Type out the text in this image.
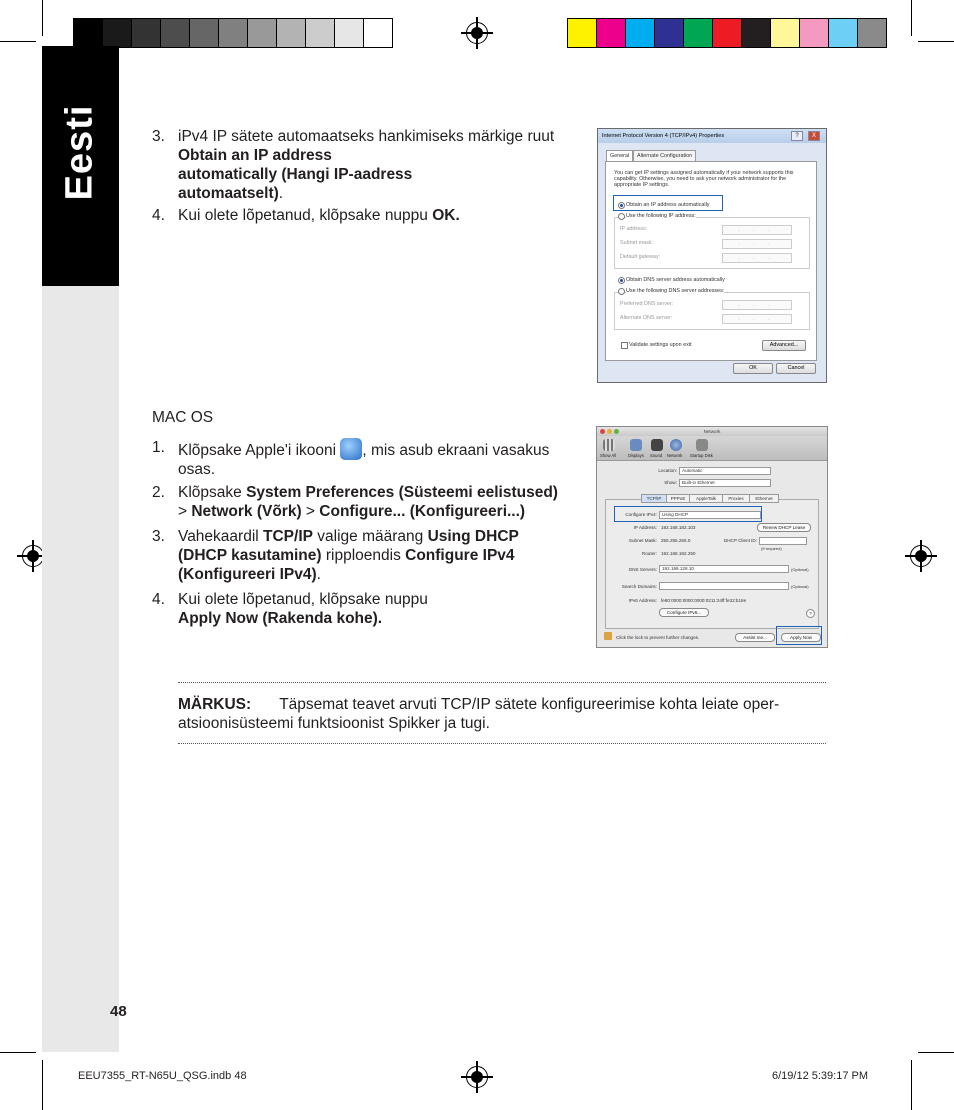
Eesti
48
3. iPv4 IP sätete automaatseks hankimiseks märkige ruut Obtain an IP address
automatically (Hangi IP-aadress
automaatselt).
4. Kui olete lõpetanud, klõpsake nuppu OK.
Internet Protocol Version 4 (TCP/IPv4) Properties	?	X
General	Alternate Configuration
You can get IP settings assigned automatically if your network supports this capability. Otherwise, you need to ask your network administrator for the appropriate IP settings.
Obtain an IP address automatically
Use the following IP address:
IP address:	. . .
Subnet mask:	. . .
Default gateway:	. . .
Obtain DNS server address automatically
Use the following DNS server addresses:
Preferred DNS server:	. . .
Alternate DNS server:	. . .
Validate settings upon exit	Advanced...
OK	Cancel
MAC OS
1. Klõpsake Apple'i ikooni , mis asub ekraani vasakus
osas.
2. Klõpsake System Preferences (Süsteemi eelistused)
> Network (Võrk) > Configure... (Konfigureeri...)
3. Vahekaardil TCP/IP valige määrang Using DHCP
(DHCP kasutamine) ripploendis Configure IPv4
(Konfigureeri IPv4).
4. Kui olete lõpetanud, klõpsake nuppu
Apply Now (Rakenda kohe).
Network
Show All	Displays Sound Network Startup Disk
Location:	Automatic
Show:	Built-in Ethernet
TCP/IP	PPPoE	AppleTalk	Proxies	Ethernet
Configure IPv4:	Using DHCP
IP Address: 192.168.182.103	Renew DHCP Lease
Subnet Mask: 255.255.255.0	DHCP Client ID:
(If required)
Router: 192.168.182.250
DNS Servers:	192.168.128.10	(Optional)
Search Domains:	(Optional)
IPv6 Address: fe80:0000:0000:0000:0211:24ff:fe32:b18e
Configure IPv6...	?
Click the lock to prevent further changes.	Assist me...	Apply Now
MÄRKUS: Täpsemat teavet arvuti TCP/IP sätete konfigureerimise kohta leiate oper-
atsioonisüsteemi funktsioonist Spikker ja tugi.
EEU7355_RT-N65U_QSG.indb 48	6/19/12 5:39:17 PM
